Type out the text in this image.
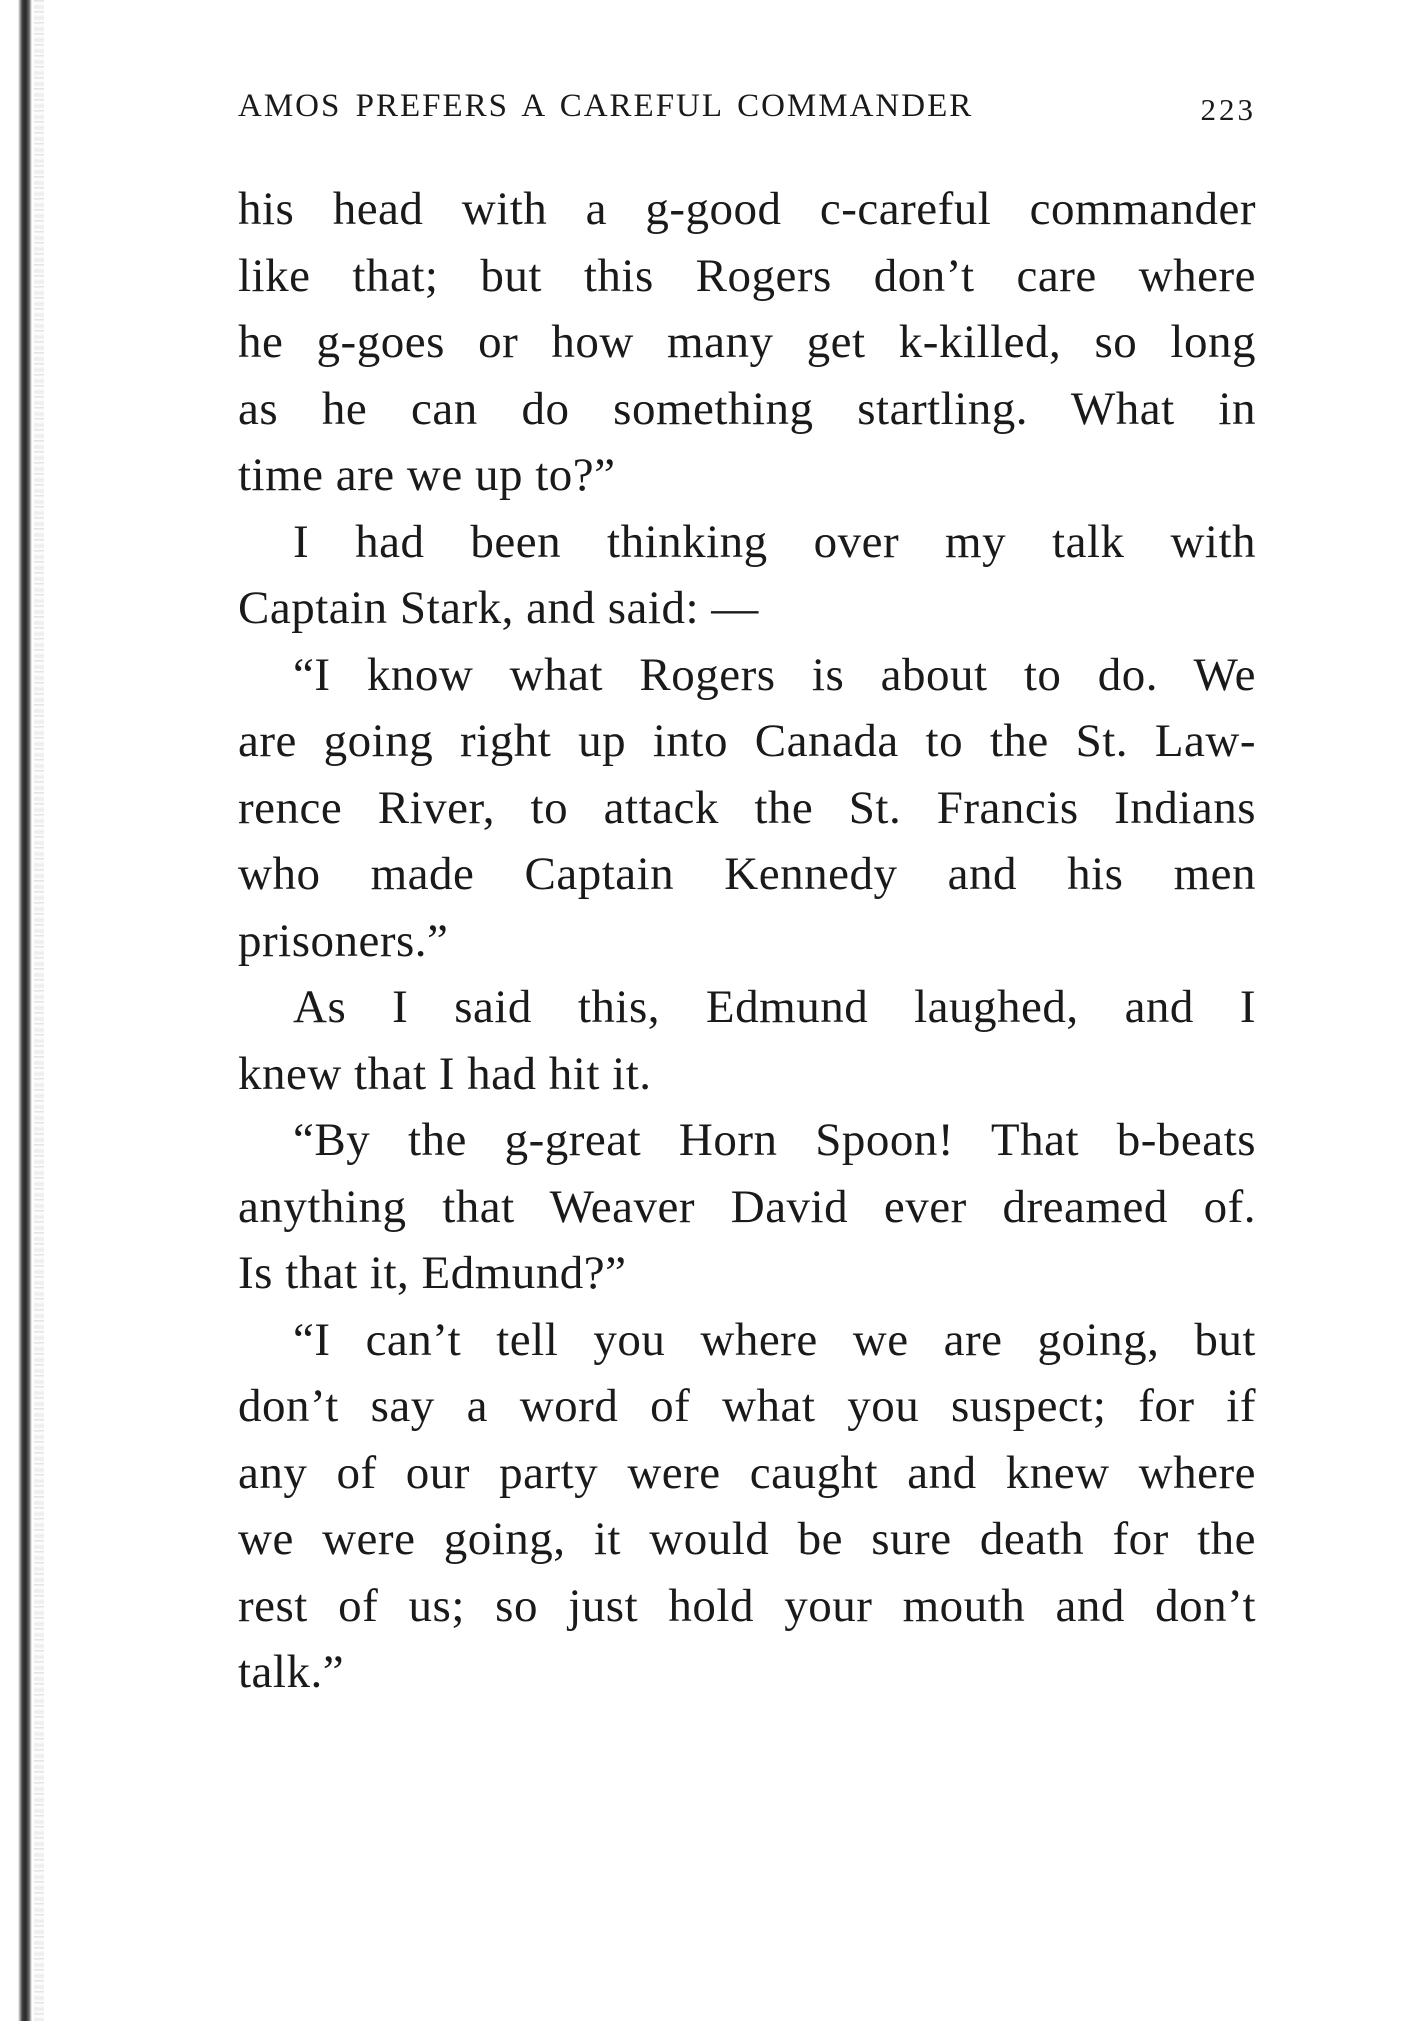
AMOS PREFERS A CAREFUL COMMANDER	223
his head with a g-good c-careful commander
like that; but this Rogers don’t care where
he g-goes or how many get k-killed, so long
as he can do something startling. What in
time are we up to?”
I had been thinking over my talk with
Captain Stark, and said: —
“I know what Rogers is about to do. We
are going right up into Canada to the St. Law-
rence River, to attack the St. Francis Indians
who made Captain Kennedy and his men
prisoners.”
As I said this, Edmund laughed, and I
knew that I had hit it.
“By the g-great Horn Spoon! That b-beats
anything that Weaver David ever dreamed of.
Is that it, Edmund?”
“I can’t tell you where we are going, but
don’t say a word of what you suspect; for if
any of our party were caught and knew where
we were going, it would be sure death for the
rest of us; so just hold your mouth and don’t
talk.”
